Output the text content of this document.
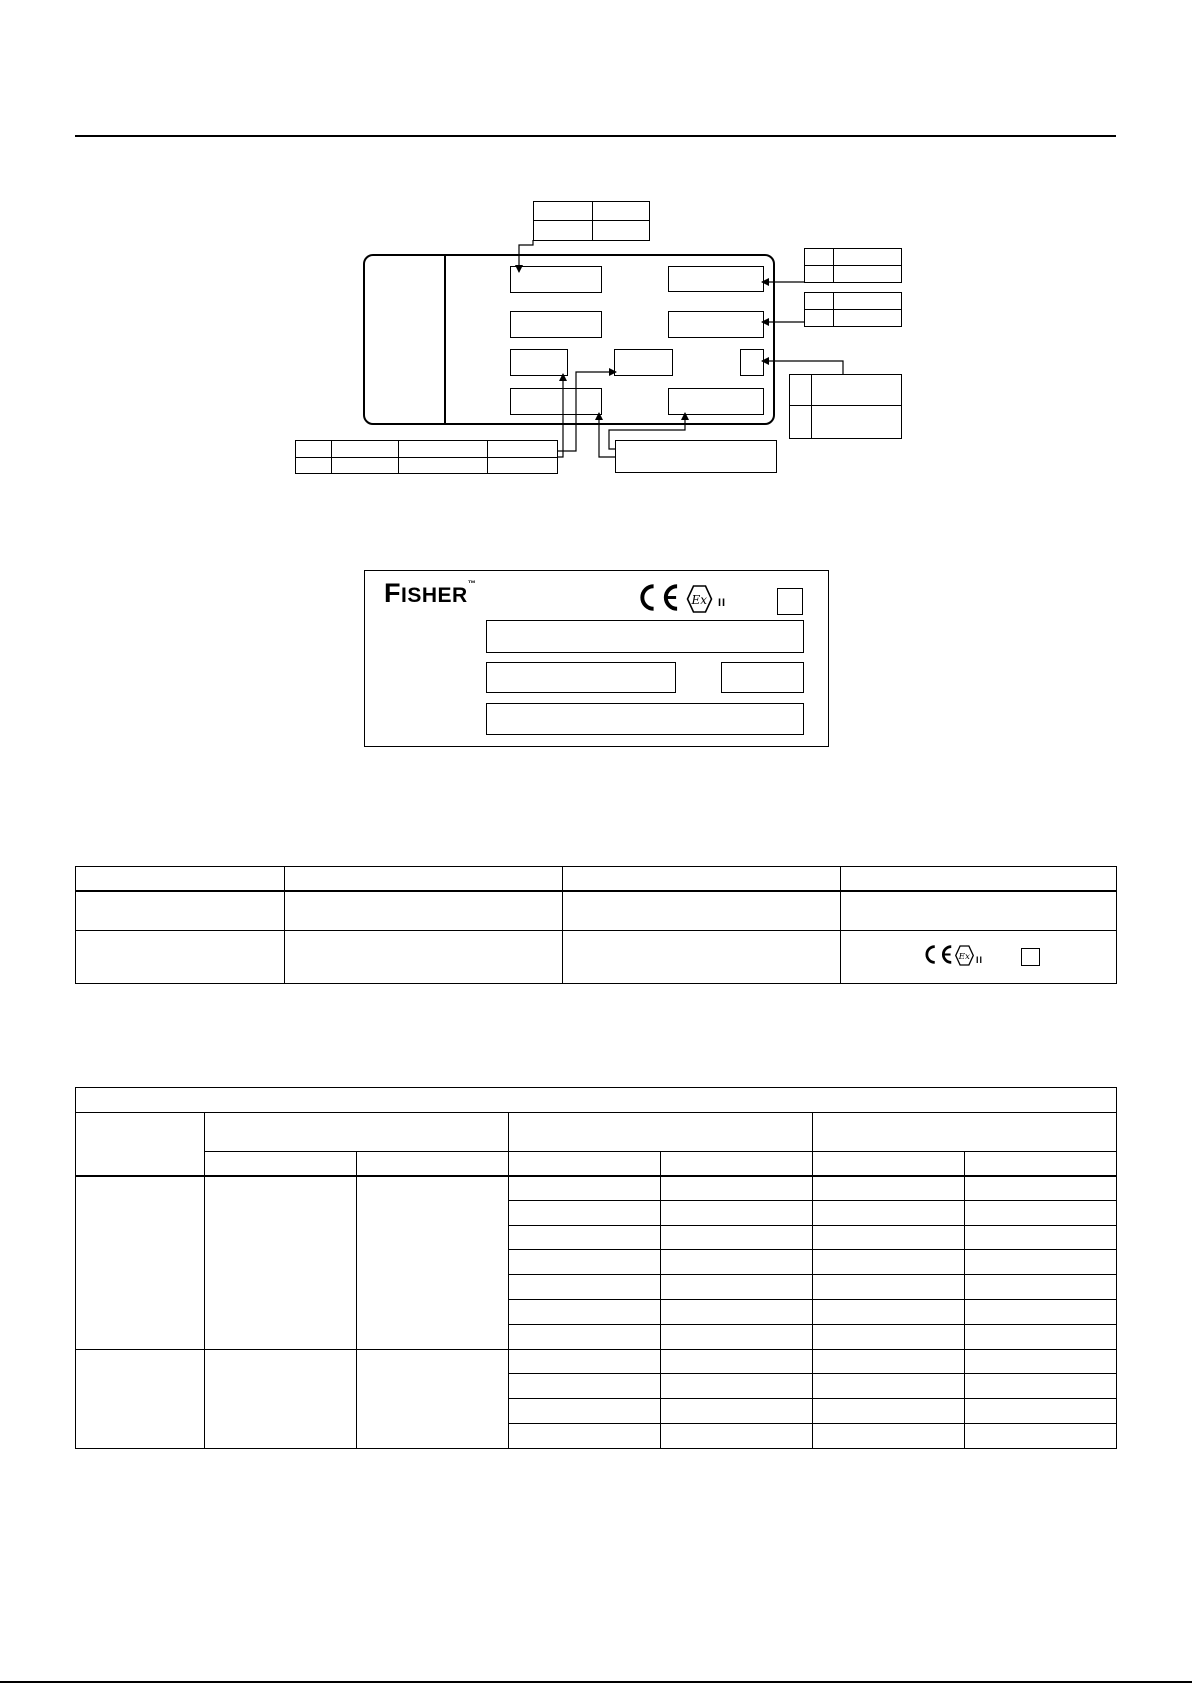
FISHER™
Ex II

Ex II
